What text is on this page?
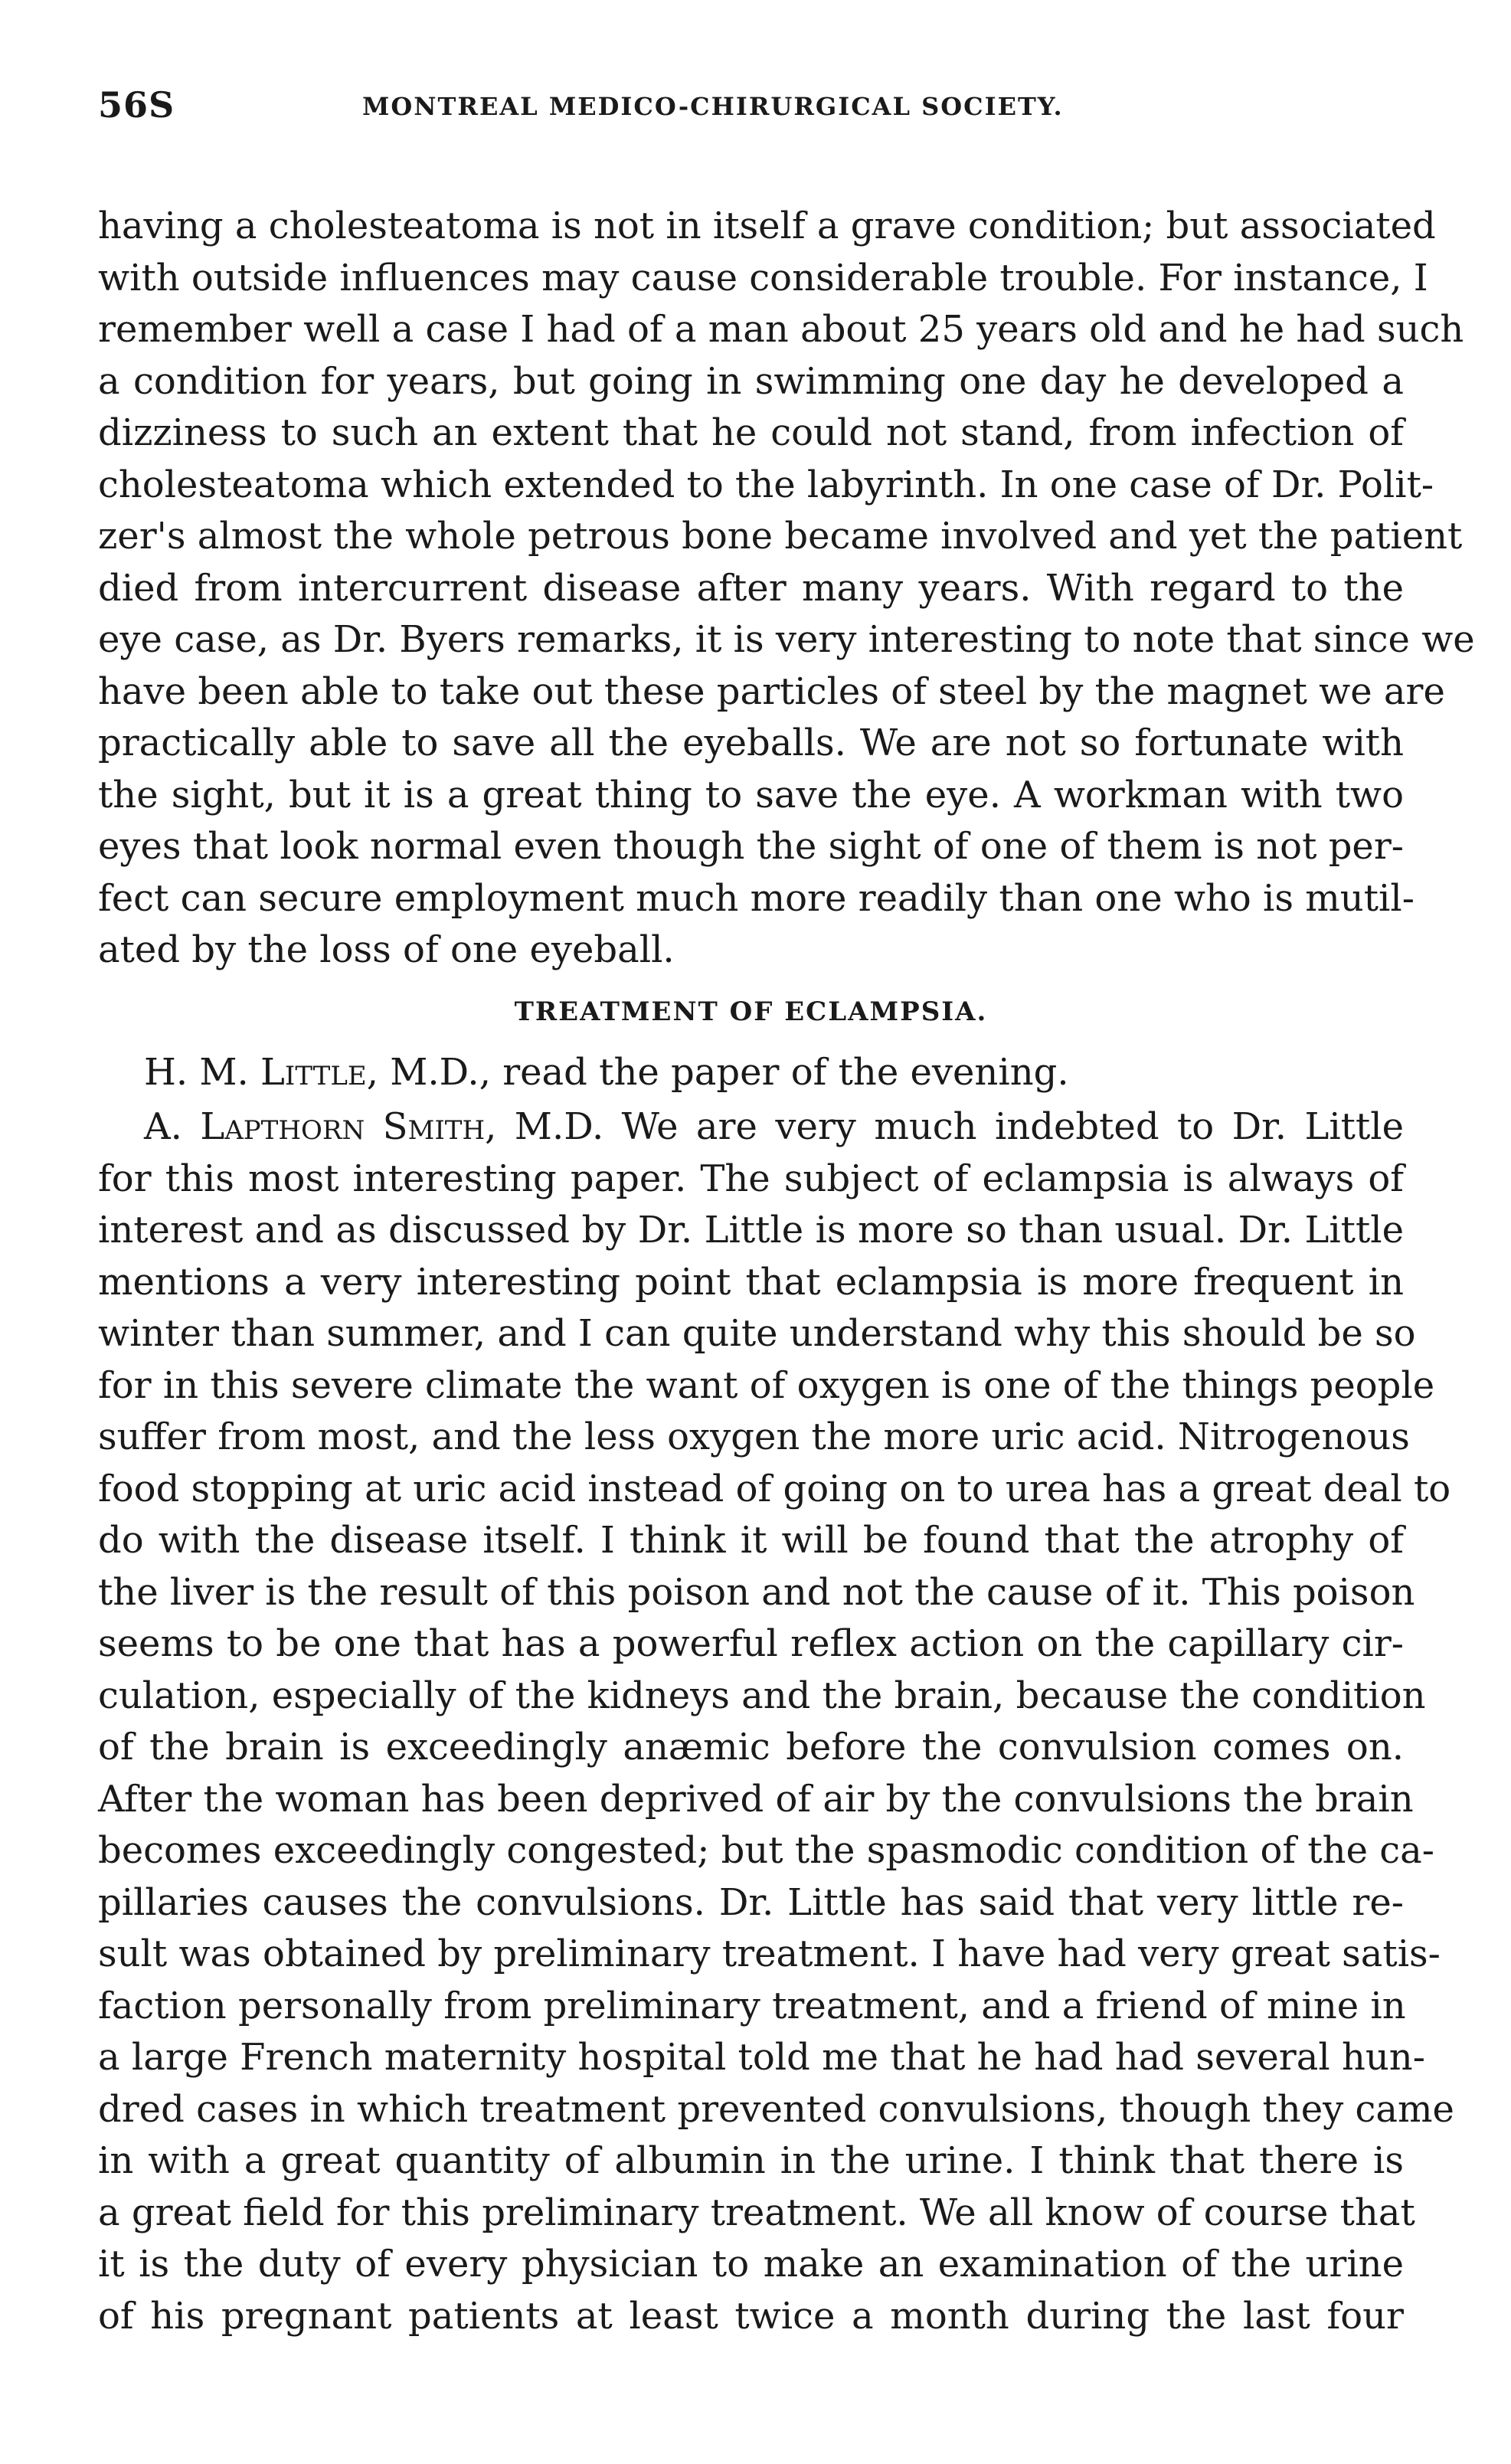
56S	MONTREAL MEDICO-CHIRURGICAL SOCIETY.
having a cholesteatoma is not in itself a grave condition; but associated
with outside influences may cause considerable trouble. For instance, I
remember well a case I had of a man about 25 years old and he had such
a condition for years, but going in swimming one day he developed a
dizziness to such an extent that he could not stand, from infection of
cholesteatoma which extended to the labyrinth. In one case of Dr. Polit-
zer's almost the whole petrous bone became involved and yet the patient
died from intercurrent disease after many years. With regard to the
eye case, as Dr. Byers remarks, it is very interesting to note that since we
have been able to take out these particles of steel by the magnet we are
practically able to save all the eyeballs. We are not so fortunate with
the sight, but it is a great thing to save the eye. A workman with two
eyes that look normal even though the sight of one of them is not per-
fect can secure employment much more readily than one who is mutil-
ated by the loss of one eyeball.
TREATMENT OF ECLAMPSIA.
H. M. Little, M.D., read the paper of the evening.
A. Lapthorn Smith, M.D. We are very much indebted to Dr. Little
for this most interesting paper. The subject of eclampsia is always of
interest and as discussed by Dr. Little is more so than usual. Dr. Little
mentions a very interesting point that eclampsia is more frequent in
winter than summer, and I can quite understand why this should be so
for in this severe climate the want of oxygen is one of the things people
suffer from most, and the less oxygen the more uric acid. Nitrogenous
food stopping at uric acid instead of going on to urea has a great deal to
do with the disease itself. I think it will be found that the atrophy of
the liver is the result of this poison and not the cause of it. This poison
seems to be one that has a powerful reflex action on the capillary cir-
culation, especially of the kidneys and the brain, because the condition
of the brain is exceedingly anæmic before the convulsion comes on.
After the woman has been deprived of air by the convulsions the brain
becomes exceedingly congested; but the spasmodic condition of the ca-
pillaries causes the convulsions. Dr. Little has said that very little re-
sult was obtained by preliminary treatment. I have had very great satis-
faction personally from preliminary treatment, and a friend of mine in
a large French maternity hospital told me that he had had several hun-
dred cases in which treatment prevented convulsions, though they came
in with a great quantity of albumin in the urine. I think that there is
a great field for this preliminary treatment. We all know of course that
it is the duty of every physician to make an examination of the urine
of his pregnant patients at least twice a month during the last four
